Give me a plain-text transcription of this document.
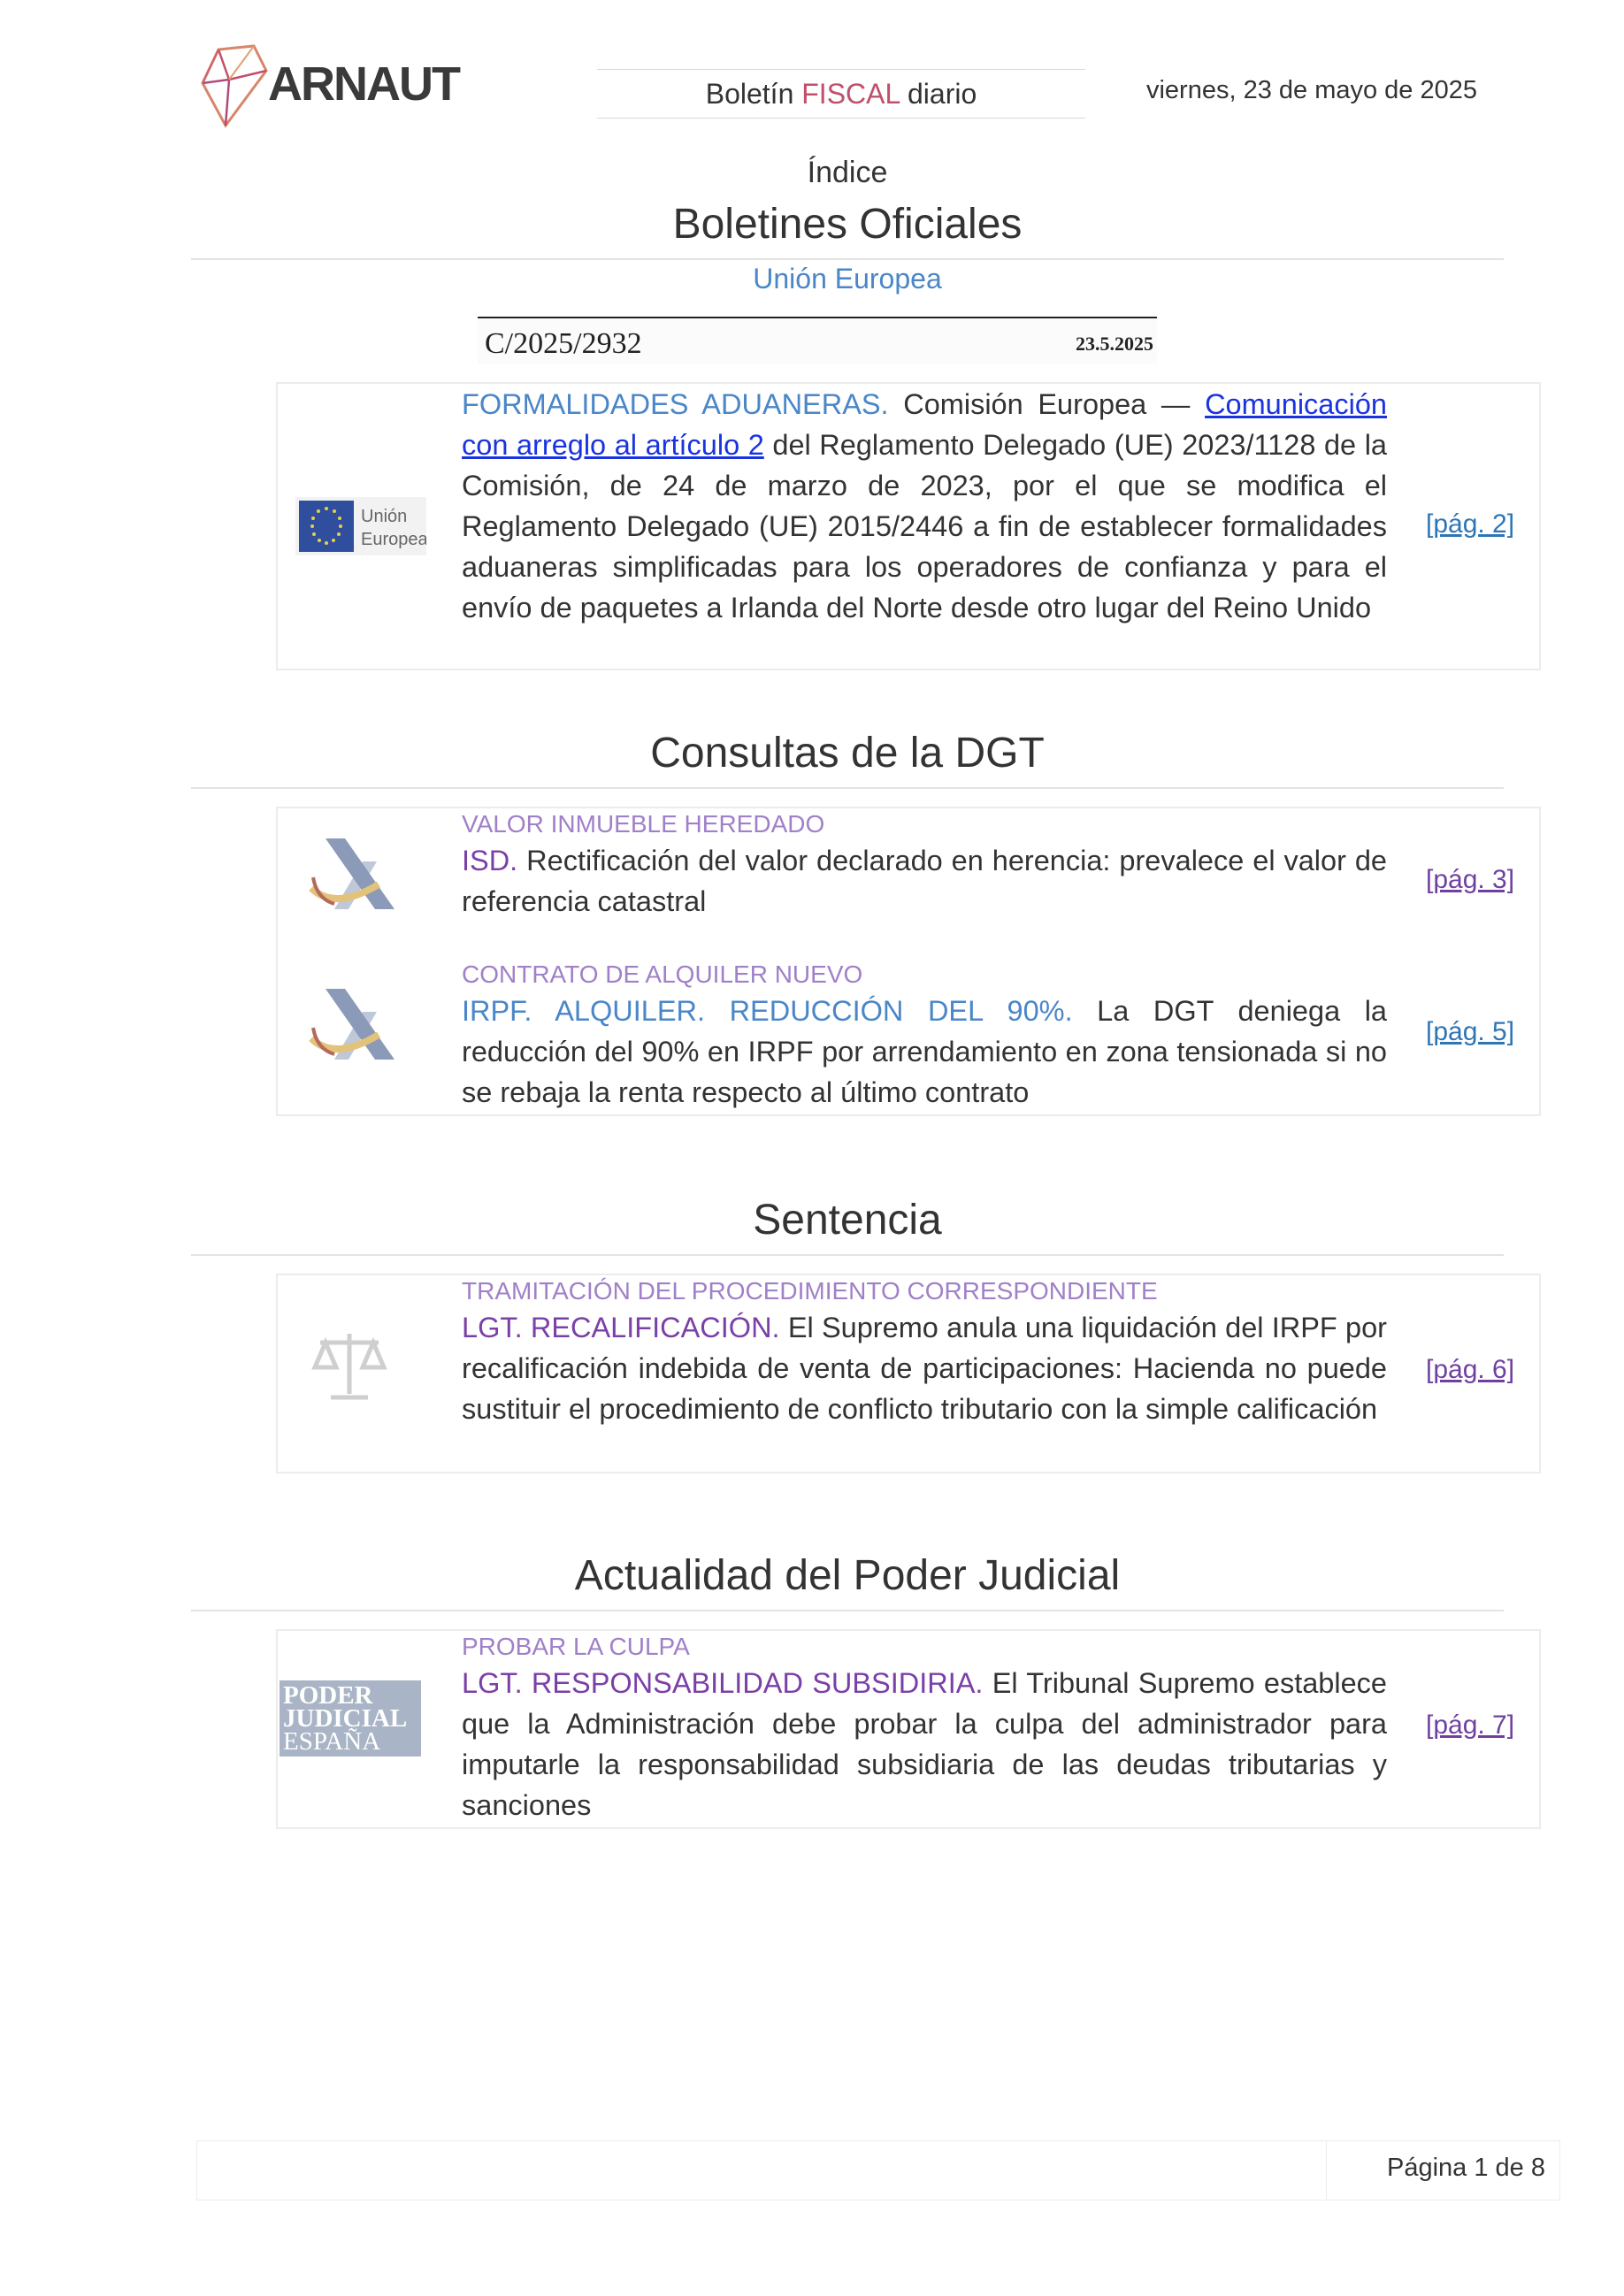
ARNAUT	Boletín FISCAL diario	viernes, 23 de mayo de 2025
Índice
Boletines Oficiales
Unión Europea
C/2025/2932	23.5.2025
Unión
Europea
FORMALIDADES ADUANERAS. Comisión Europea — Comunicación con arreglo al artículo 2 del Reglamento Delegado (UE) 2023/1128 de la Comisión, de 24 de marzo de 2023, por el que se modifica el Reglamento Delegado (UE) 2015/2446 a fin de establecer formalidades aduaneras simplificadas para los operadores de confianza y para el envío de paquetes a Irlanda del Norte desde otro lugar del Reino Unido
[pág. 2]
Consultas de la DGT
VALOR INMUEBLE HEREDADO
ISD. Rectificación del valor declarado en herencia: prevalece el valor de referencia catastral
[pág. 3]
CONTRATO DE ALQUILER NUEVO
IRPF. ALQUILER. REDUCCIÓN DEL 90%. La DGT deniega la reducción del 90% en IRPF por arrendamiento en zona tensionada si no se rebaja la renta respecto al último contrato
[pág. 5]
Sentencia
TRAMITACIÓN DEL PROCEDIMIENTO CORRESPONDIENTE
LGT. RECALIFICACIÓN. El Supremo anula una liquidación del IRPF por recalificación indebida de venta de participaciones: Hacienda no puede sustituir el procedimiento de conflicto tributario con la simple calificación
[pág. 6]
Actualidad del Poder Judicial
PODER
JUDICIAL
ESPAÑA
PROBAR LA CULPA
LGT. RESPONSABILIDAD SUBSIDIRIA. El Tribunal Supremo establece que la Administración debe probar la culpa del administrador para imputarle la responsabilidad subsidiaria de las deudas tributarias y sanciones
[pág. 7]
Página 1 de 8
